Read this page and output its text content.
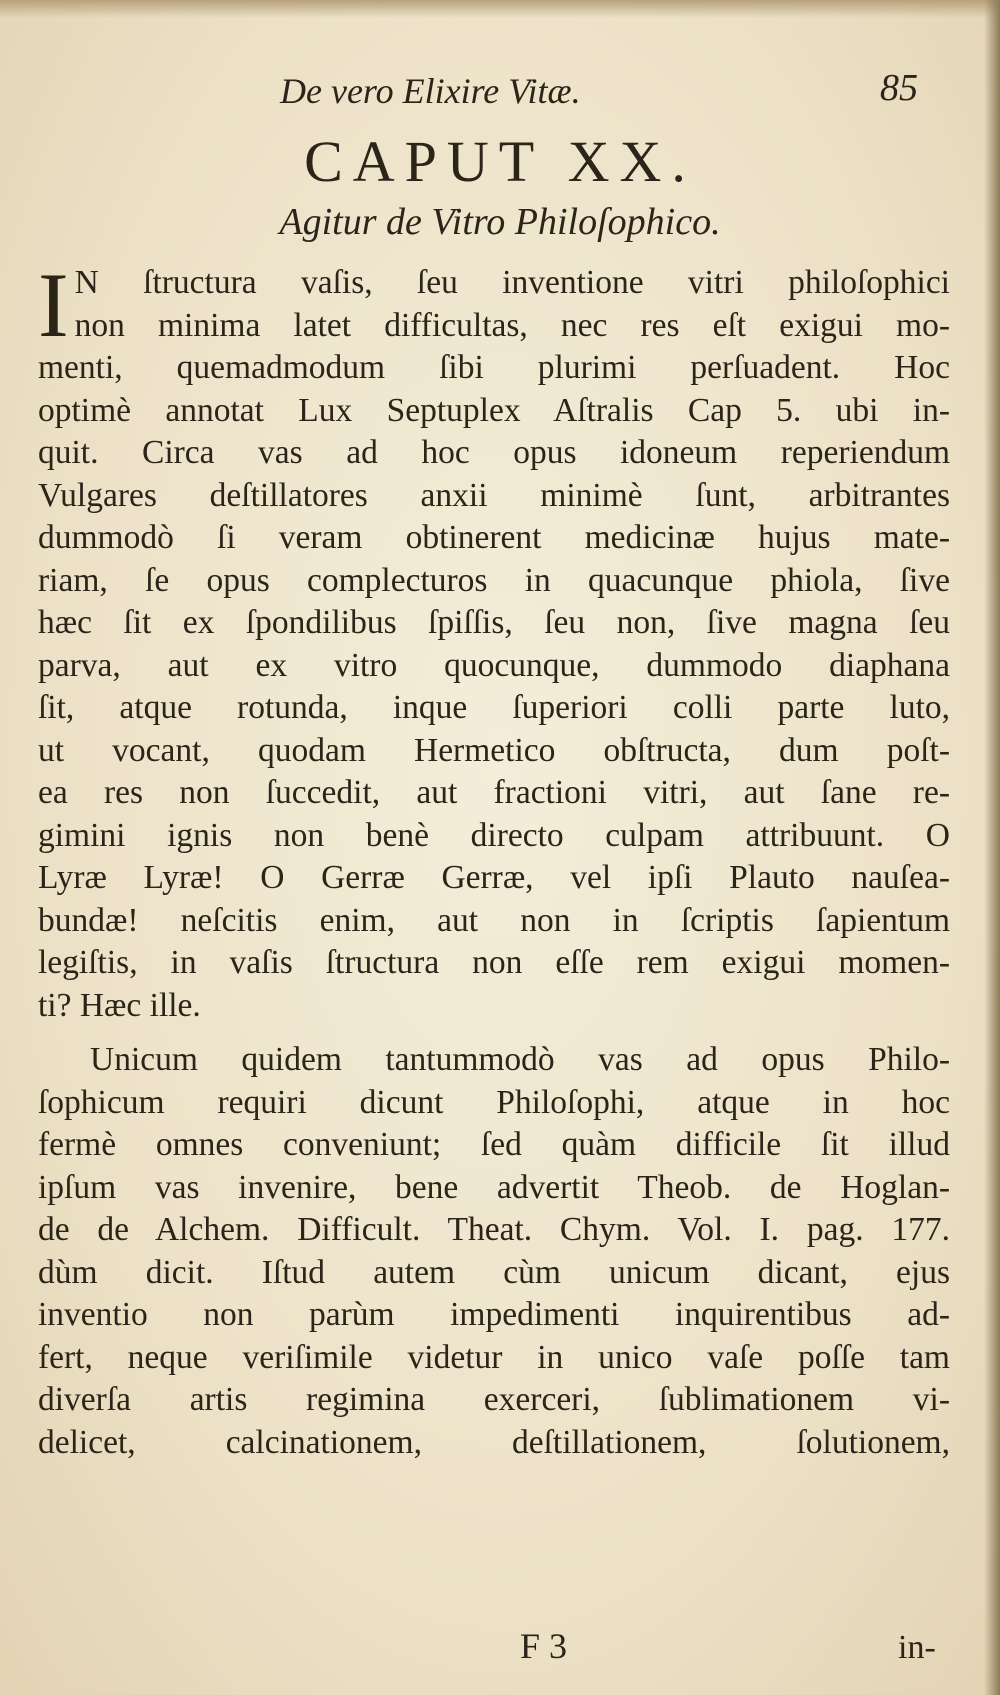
De vero Elixire Vitæ.	85
CAPUT XX.
Agitur de Vitro Philoſophico.
I N ſtructura vaſis, ſeu inventione vitri philoſophici
non minima latet difficultas, nec res eſt exigui mo-
menti, quemadmodum ſibi plurimi perſuadent. Hoc
optimè annotat Lux Septuplex Aſtralis Cap 5. ubi in-
quit. Circa vas ad hoc opus idoneum reperiendum
Vulgares deſtillatores anxii minimè ſunt, arbitrantes
dummodò ſi veram obtinerent medicinæ hujus mate-
riam, ſe opus complecturos in quacunque phiola, ſive
hæc ſit ex ſpondilibus ſpiſſis, ſeu non, ſive magna ſeu
parva, aut ex vitro quocunque, dummodo diaphana
ſit, atque rotunda, inque ſuperiori colli parte luto,
ut vocant, quodam Hermetico obſtructa, dum poſt-
ea res non ſuccedit, aut fractioni vitri, aut ſane re-
gimini ignis non benè directo culpam attribuunt. O
Lyræ Lyræ! O Gerræ Gerræ, vel ipſi Plauto nauſea-
bundæ! neſcitis enim, aut non in ſcriptis ſapientum
legiſtis, in vaſis ſtructura non eſſe rem exigui momen-
ti? Hæc ille.
Unicum quidem tantummodò vas ad opus Philo-
ſophicum requiri dicunt Philoſophi, atque in hoc
fermè omnes conveniunt; ſed quàm difficile ſit illud
ipſum vas invenire, bene advertit Theob. de Hoglan-
de de Alchem. Difficult. Theat. Chym. Vol. I. pag. 177.
dùm dicit. Iſtud autem cùm unicum dicant, ejus
inventio non parùm impedimenti inquirentibus ad-
fert, neque veriſimile videtur in unico vaſe poſſe tam
diverſa artis regimina exerceri, ſublimationem vi-
delicet, calcinationem, deſtillationem, ſolutionem,
F 3	in-
